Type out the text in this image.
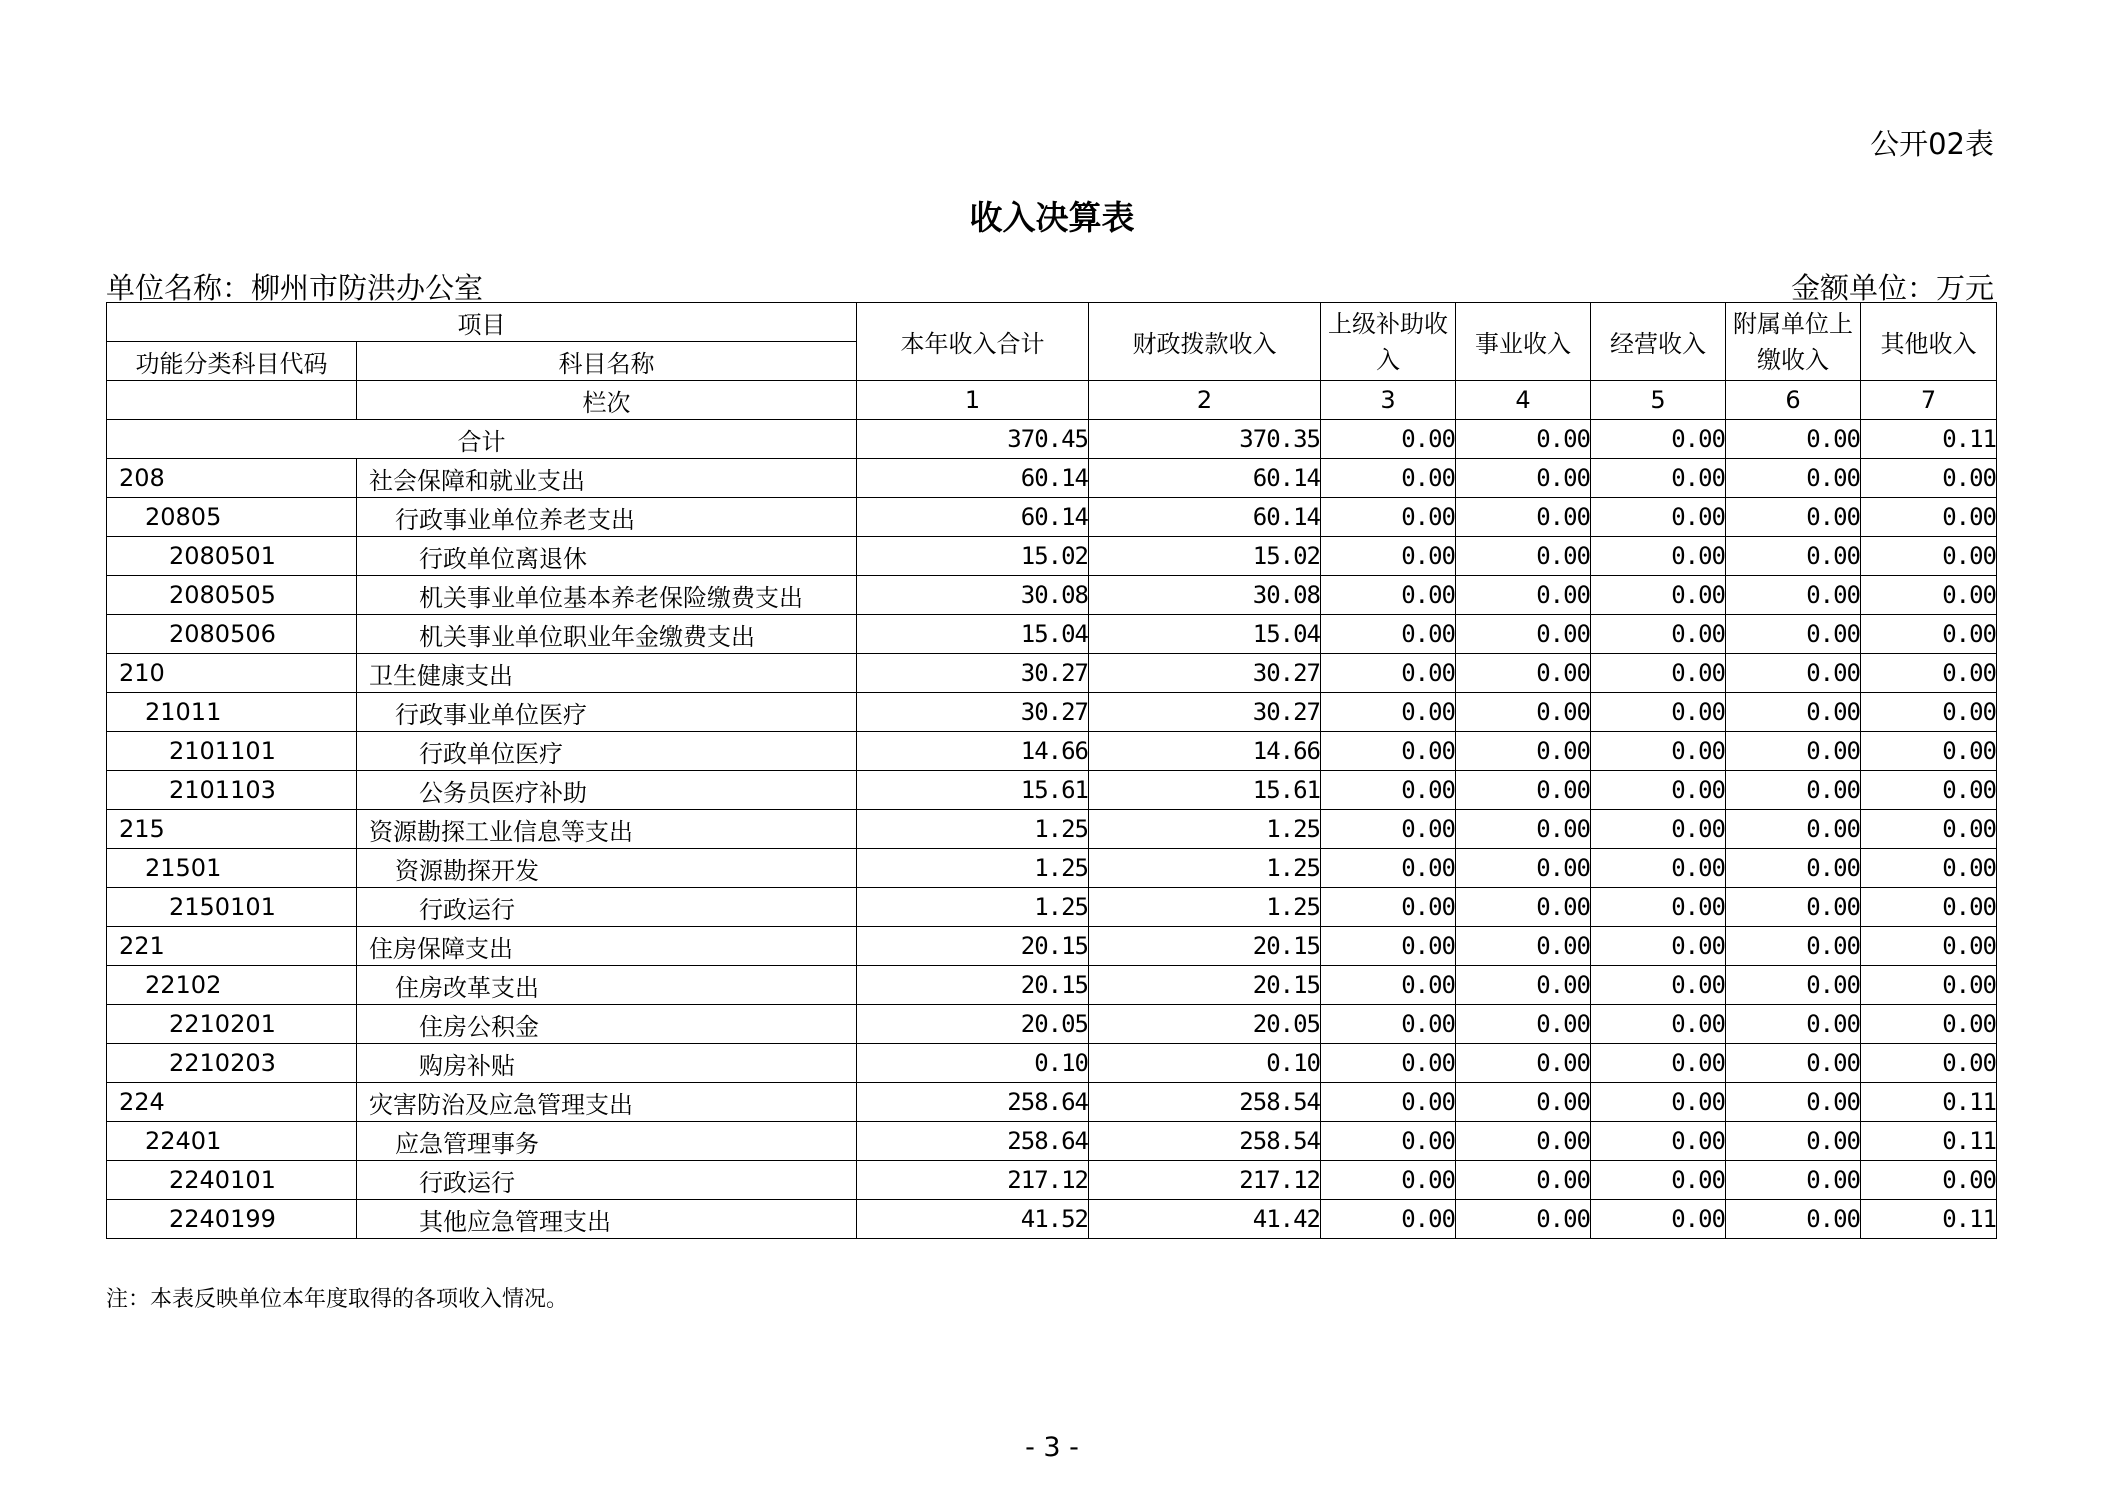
公开02表
收入决算表
单位名称：柳州市防洪办公室	金额单位：万元
项目		本年收入合计	财政拨款收入	上级补助收入	事业收入	经营收入	附属单位上缴收入	其他收入
功能分类科目代码	科目名称							
	栏次	1	2	3	4	5	6	7
合计		370.45	370.35	0.00	0.00	0.00	0.00	0.11
208	社会保障和就业支出	60.14	60.14	0.00	0.00	0.00	0.00	0.00
20805	行政事业单位养老支出	60.14	60.14	0.00	0.00	0.00	0.00	0.00
2080501	行政单位离退休	15.02	15.02	0.00	0.00	0.00	0.00	0.00
2080505	机关事业单位基本养老保险缴费支出	30.08	30.08	0.00	0.00	0.00	0.00	0.00
2080506	机关事业单位职业年金缴费支出	15.04	15.04	0.00	0.00	0.00	0.00	0.00
210	卫生健康支出	30.27	30.27	0.00	0.00	0.00	0.00	0.00
21011	行政事业单位医疗	30.27	30.27	0.00	0.00	0.00	0.00	0.00
2101101	行政单位医疗	14.66	14.66	0.00	0.00	0.00	0.00	0.00
2101103	公务员医疗补助	15.61	15.61	0.00	0.00	0.00	0.00	0.00
215	资源勘探工业信息等支出	1.25	1.25	0.00	0.00	0.00	0.00	0.00
21501	资源勘探开发	1.25	1.25	0.00	0.00	0.00	0.00	0.00
2150101	行政运行	1.25	1.25	0.00	0.00	0.00	0.00	0.00
221	住房保障支出	20.15	20.15	0.00	0.00	0.00	0.00	0.00
22102	住房改革支出	20.15	20.15	0.00	0.00	0.00	0.00	0.00
2210201	住房公积金	20.05	20.05	0.00	0.00	0.00	0.00	0.00
2210203	购房补贴	0.10	0.10	0.00	0.00	0.00	0.00	0.00
224	灾害防治及应急管理支出	258.64	258.54	0.00	0.00	0.00	0.00	0.11
22401	应急管理事务	258.64	258.54	0.00	0.00	0.00	0.00	0.11
2240101	行政运行	217.12	217.12	0.00	0.00	0.00	0.00	0.00
2240199	其他应急管理支出	41.52	41.42	0.00	0.00	0.00	0.00	0.11
注：本表反映单位本年度取得的各项收入情况。
- 3 -
